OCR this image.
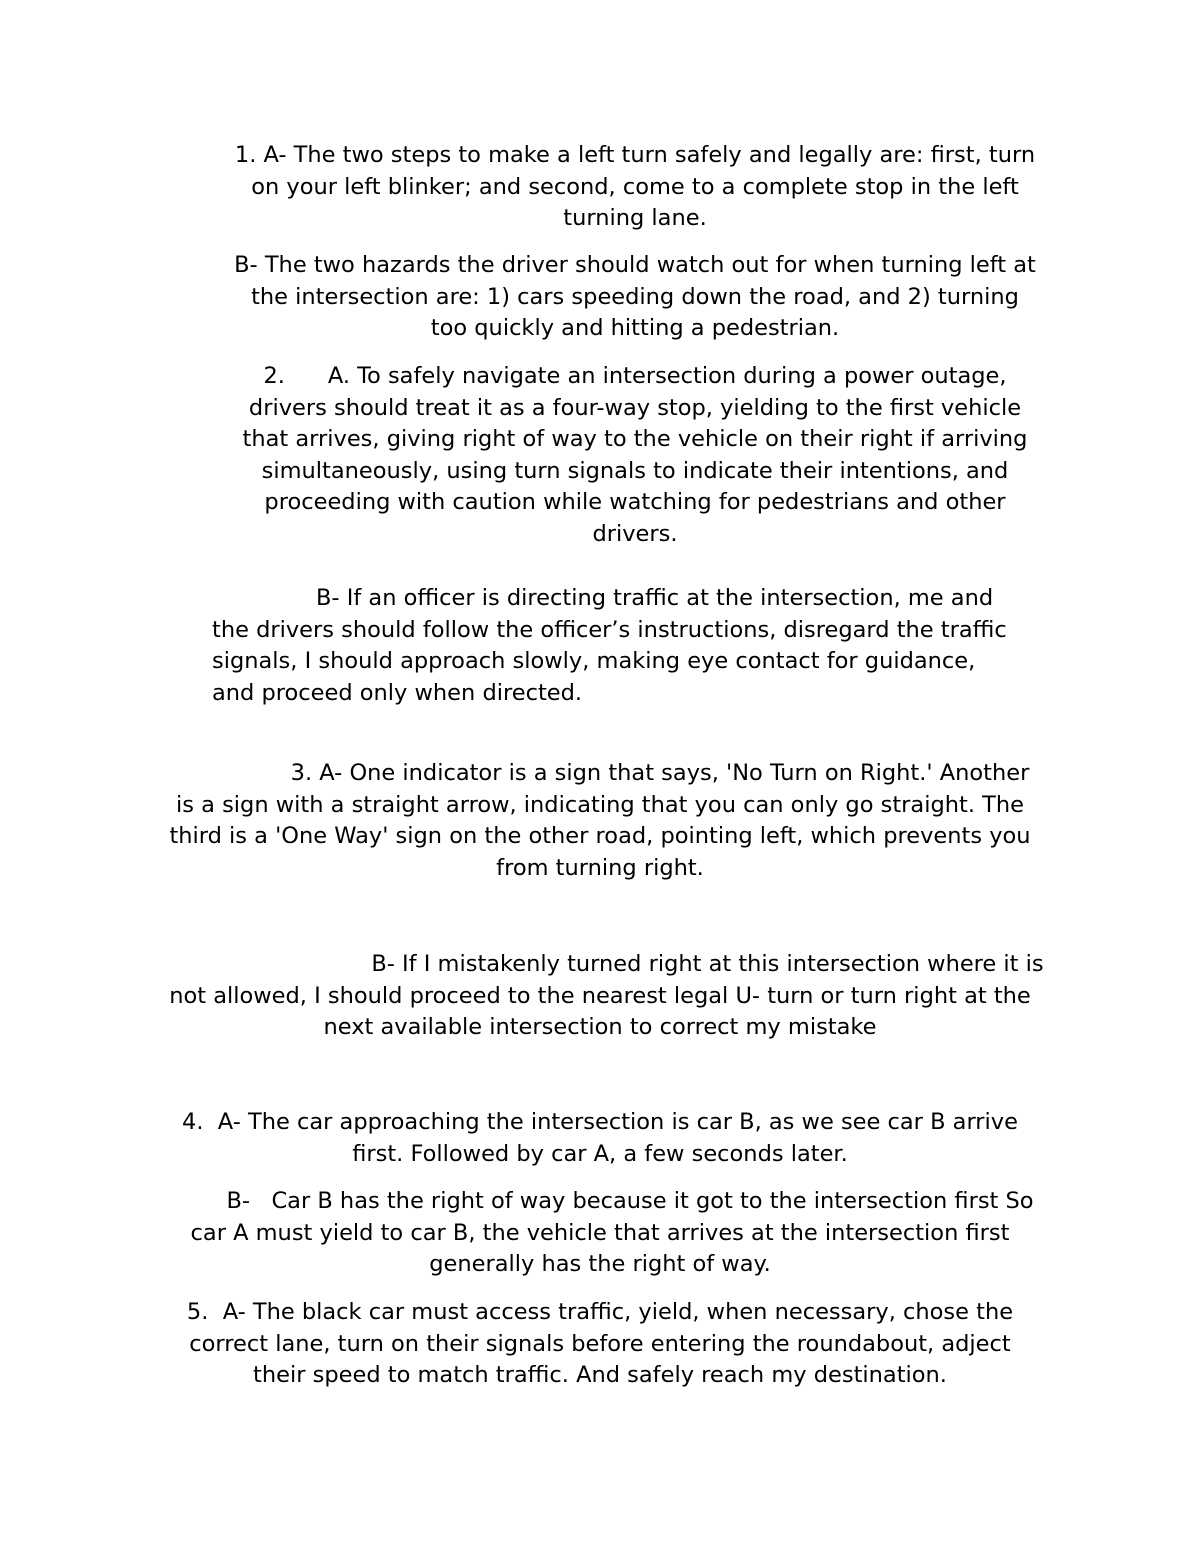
1. A- The two steps to make a left turn safely and legally are: first, turn
on your left blinker; and second, come to a complete stop in the left
turning lane.
B- The two hazards the driver should watch out for when turning left at
the intersection are: 1) cars speeding down the road, and 2) turning
too quickly and hitting a pedestrian.
2.      A. To safely navigate an intersection during a power outage,
drivers should treat it as a four-way stop, yielding to the first vehicle
that arrives, giving right of way to the vehicle on their right if arriving
simultaneously, using turn signals to indicate their intentions, and
proceeding with caution while watching for pedestrians and other
drivers.
B- If an officer is directing traffic at the intersection, me and
the drivers should follow the officer’s instructions, disregard the traffic
signals, I should approach slowly, making eye contact for guidance,
and proceed only when directed.
3. A- One indicator is a sign that says, 'No Turn on Right.' Another
is a sign with a straight arrow, indicating that you can only go straight. The
third is a 'One Way' sign on the other road, pointing left, which prevents you
from turning right.
B- If I mistakenly turned right at this intersection where it is
not allowed, I should proceed to the nearest legal U- turn or turn right at the
next available intersection to correct my mistake
4.  A- The car approaching the intersection is car B, as we see car B arrive
first. Followed by car A, a few seconds later.
B-   Car B has the right of way because it got to the intersection first So
car A must yield to car B, the vehicle that arrives at the intersection first
generally has the right of way.
5.  A- The black car must access traffic, yield, when necessary, chose the
correct lane, turn on their signals before entering the roundabout, adject
their speed to match traffic. And safely reach my destination.
